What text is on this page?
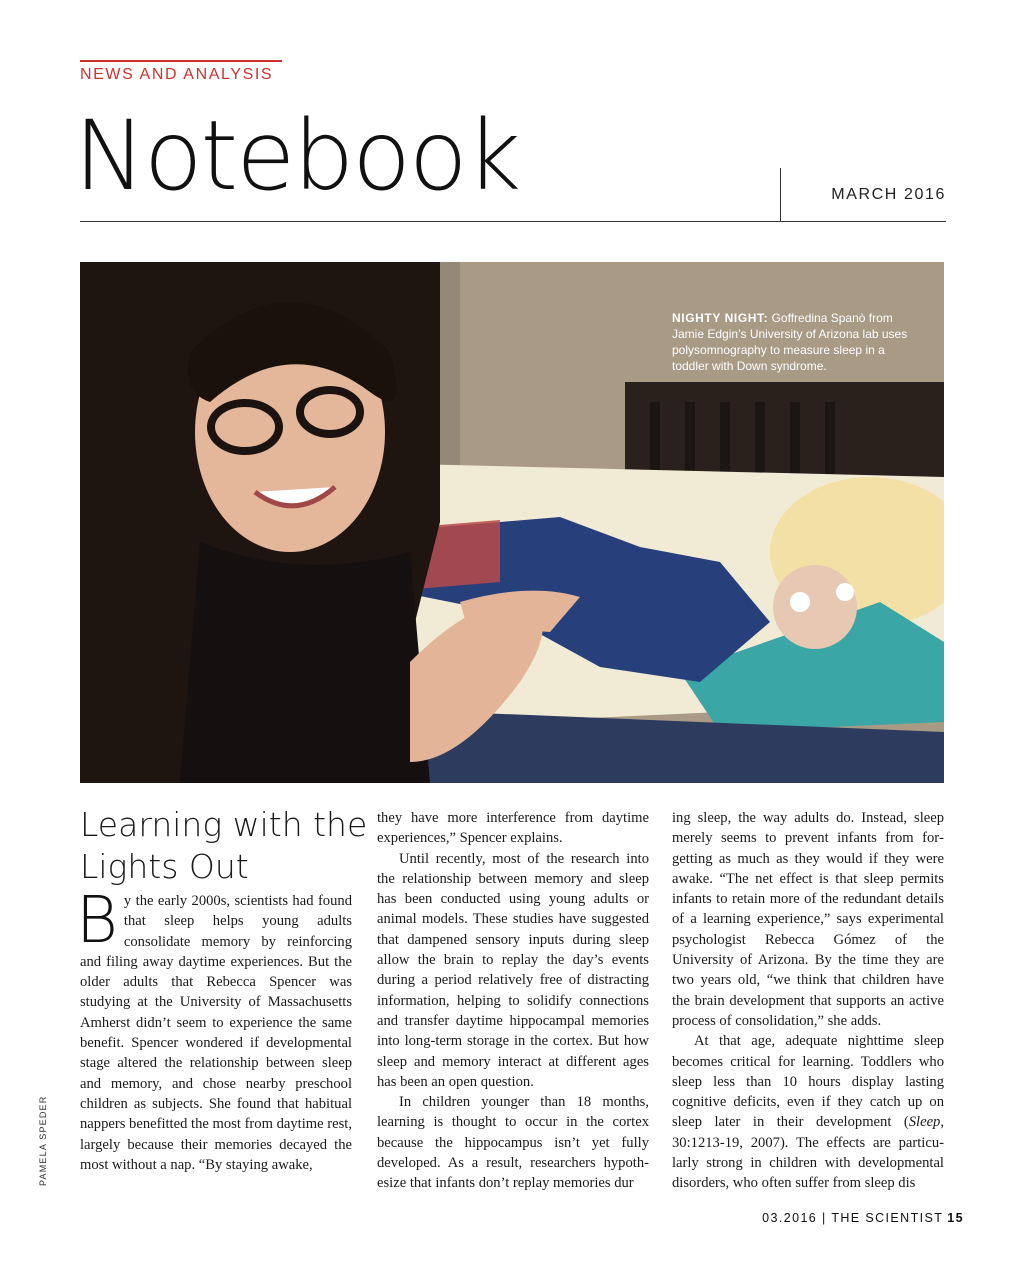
NEWS AND ANALYSIS
Notebook	MARCH 2016
NIGHTY NIGHT: Goffredina Spanò from Jamie Edgin’s University of Arizona lab uses polysomnography to measure sleep in a toddler with Down syndrome.
PAMELA SPEDER
Learning with the Lights Out

By the early 2000s, scientists had found that sleep helps young adults consolidate memory by reinforcing and filing away daytime experiences. But the older adults that Rebecca Spencer was studying at the University of Massachusetts Amherst didn’t seem to experience the same benefit. Spencer wondered if developmental stage altered the relationship between sleep and memory, and chose nearby preschool children as subjects. She found that habitual nappers benefitted the most from daytime rest, largely because their memories decayed the most without a nap. “By staying awake,

they have more interference from daytime experiences,” Spencer explains.

Until recently, most of the research into the relationship between memory and sleep has been conducted using young adults or animal models. These studies have suggested that dampened sensory inputs during sleep allow the brain to replay the day’s events during a period relatively free of distracting information, helping to solidify connections and transfer daytime hippocampal memories into long-term storage in the cortex. But how sleep and memory interact at different ages has been an open question.

In children younger than 18 months, learning is thought to occur in the cortex because the hippocampus isn’t yet fully developed. As a result, researchers hypothesize that infants don’t replay memories dur

ing sleep, the way adults do. Instead, sleep merely seems to prevent infants from forgetting as much as they would if they were awake. “The net effect is that sleep permits infants to retain more of the redundant details of a learning experience,” says experimental psychologist Rebecca Gómez of the University of Arizona. By the time they are two years old, “we think that children have the brain development that supports an active process of consolidation,” she adds.

At that age, adequate nighttime sleep becomes critical for learning. Toddlers who sleep less than 10 hours display lasting cognitive deficits, even if they catch up on sleep later in their development (Sleep, 30:1213-19, 2007). The effects are particularly strong in children with developmental disorders, who often suffer from sleep dis

03.2016 | THE SCIENTIST 15
